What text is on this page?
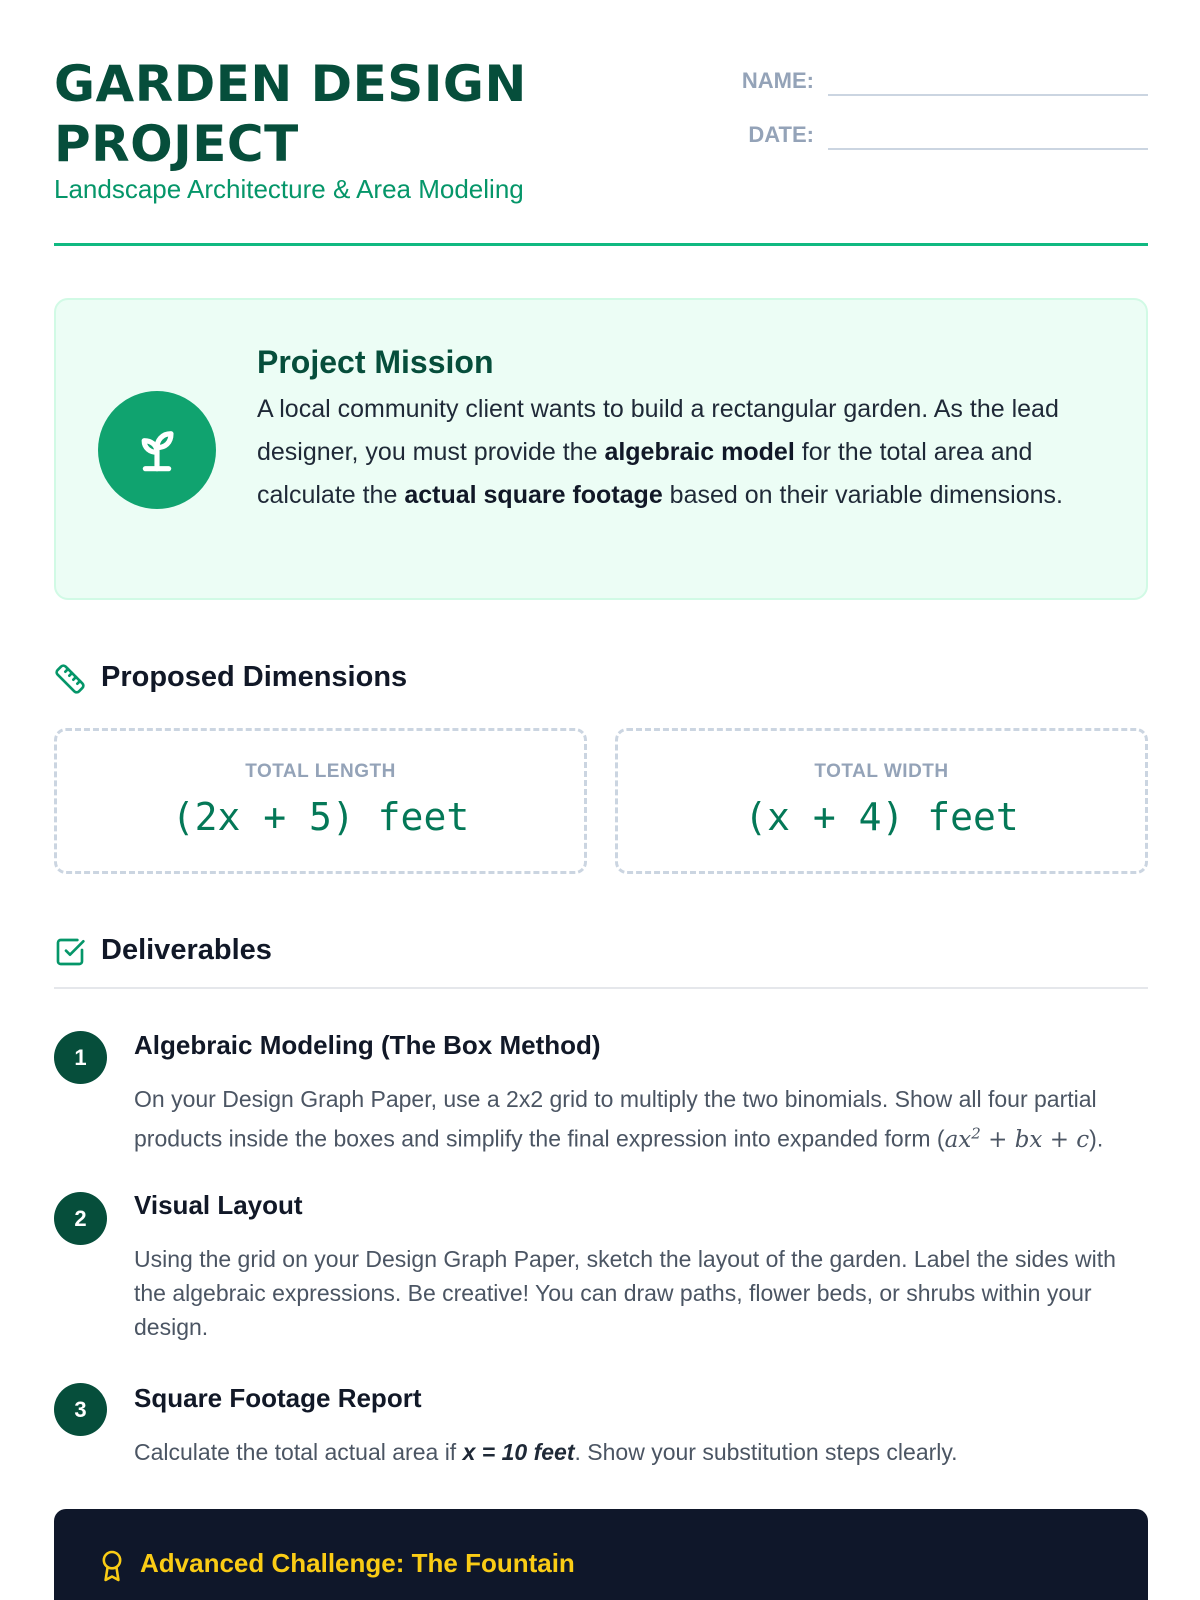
GARDEN DESIGN PROJECT
Landscape Architecture & Area Modeling
NAME:
DATE:
Project Mission
A local community client wants to build a rectangular garden. As the lead designer, you must provide the algebraic model for the total area and calculate the actual square footage based on their variable dimensions.
Proposed Dimensions
TOTAL LENGTH
(2x + 5) feet
TOTAL WIDTH
(x + 4) feet
Deliverables
1	Algebraic Modeling (The Box Method)
On your Design Graph Paper, use a 2x2 grid to multiply the two binomials. Show all four partial products inside the boxes and simplify the final expression into expanded form ($ax^2$ + bx + c).
2	Visual Layout
Using the grid on your Design Graph Paper, sketch the layout of the garden. Label the sides with the algebraic expressions. Be creative! You can draw paths, flower beds, or shrubs within your design.
3	Square Footage Report
Calculate the total actual area if x = 10 feet. Show your substitution steps clearly.
Advanced Challenge: The Fountain
